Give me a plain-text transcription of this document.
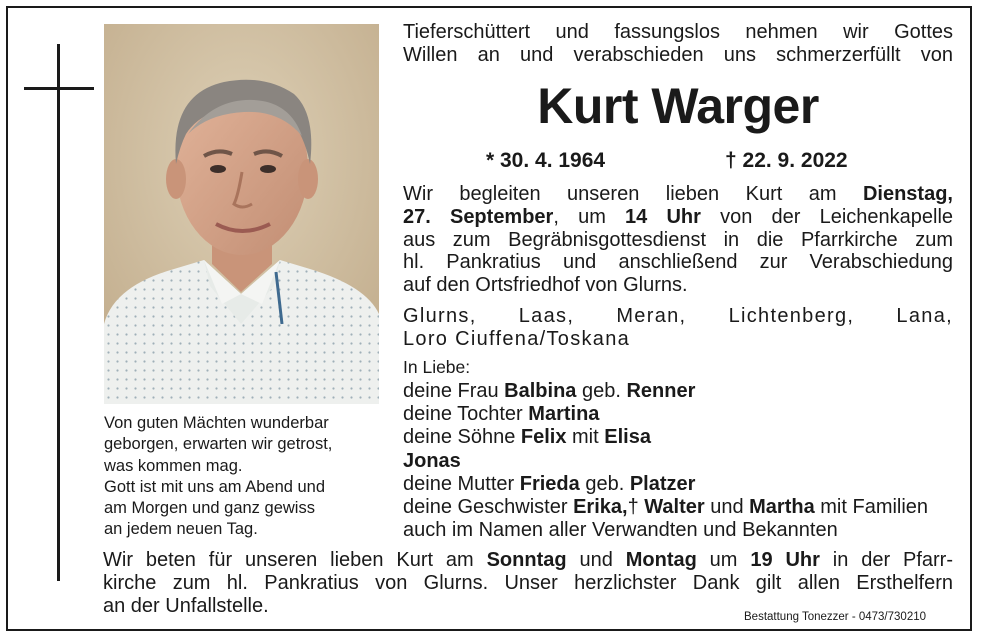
Von guten Mächten wunderbar
geborgen, erwarten wir getrost,
was kommen mag.
Gott ist mit uns am Abend und
am Morgen und ganz gewiss
an jedem neuen Tag.
Tieferschüttert und fassungslos nehmen wir Gottes
Willen an und verabschieden uns schmerzerfüllt von
Kurt Warger
* 30. 4. 1964	† 22. 9. 2022
Wir begleiten unseren lieben Kurt am Dienstag,
27. September, um 14 Uhr von der Leichenkapelle
aus zum Begräbnisgottesdienst in die Pfarrkirche zum
hl. Pankratius und anschließend zur Verabschiedung
auf den Ortsfriedhof von Glurns.
Glurns, Laas, Meran, Lichtenberg, Lana,
Loro Ciuffena/Toskana
In Liebe:
deine Frau Balbina geb. Renner
deine Tochter Martina
deine Söhne Felix mit Elisa
Jonas
deine Mutter Frieda geb. Platzer
deine Geschwister Erika,† Walter und Martha mit Familien
auch im Namen aller Verwandten und Bekannten
Wir beten für unseren lieben Kurt am Sonntag und Montag um 19 Uhr in der Pfarr-
kirche zum hl. Pankratius von Glurns. Unser herzlichster Dank gilt allen Ersthelfern
an der Unfallstelle.	Bestattung Tonezzer - 0473/730210
